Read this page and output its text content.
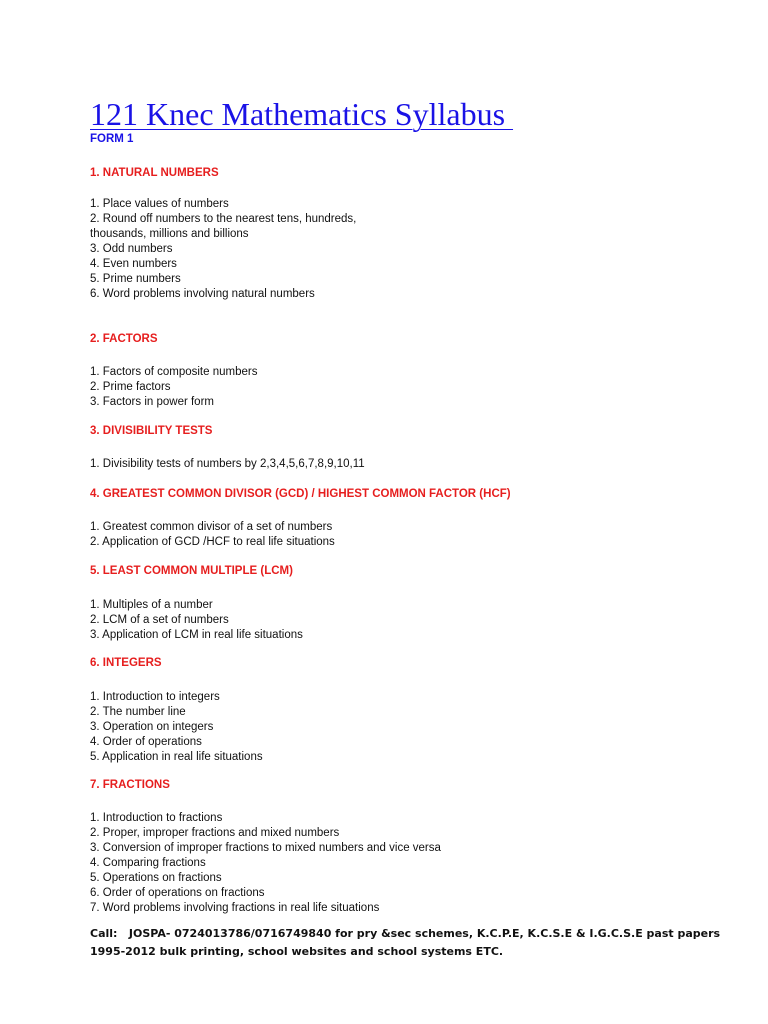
121 Knec Mathematics Syllabus
FORM 1
1. NATURAL NUMBERS
1. Place values of numbers
2. Round off numbers to the nearest tens, hundreds,
thousands, millions and billions
3. Odd numbers
4. Even numbers
5. Prime numbers
6. Word problems involving natural numbers
2. FACTORS
1. Factors of composite numbers
2. Prime factors
3. Factors in power form
3. DIVISIBILITY TESTS
1. Divisibility tests of numbers by 2,3,4,5,6,7,8,9,10,11
4. GREATEST COMMON DIVISOR (GCD) / HIGHEST COMMON FACTOR (HCF)
1. Greatest common divisor of a set of numbers
2. Application of GCD /HCF to real life situations
5. LEAST COMMON MULTIPLE (LCM)
1. Multiples of a number
2. LCM of a set of numbers
3. Application of LCM in real life situations
6. INTEGERS
1. Introduction to integers
2. The number line
3. Operation on integers
4. Order of operations
5. Application in real life situations
7. FRACTIONS
1. Introduction to fractions
2. Proper, improper fractions and mixed numbers
3. Conversion of improper fractions to mixed numbers and vice versa
4. Comparing fractions
5. Operations on fractions
6. Order of operations on fractions
7. Word problems involving fractions in real life situations
Call:   JOSPA- 0724013786/0716749840 for pry &sec schemes, K.C.P.E, K.C.S.E & I.G.C.S.E past papers
1995-2012 bulk printing, school websites and school systems ETC.
